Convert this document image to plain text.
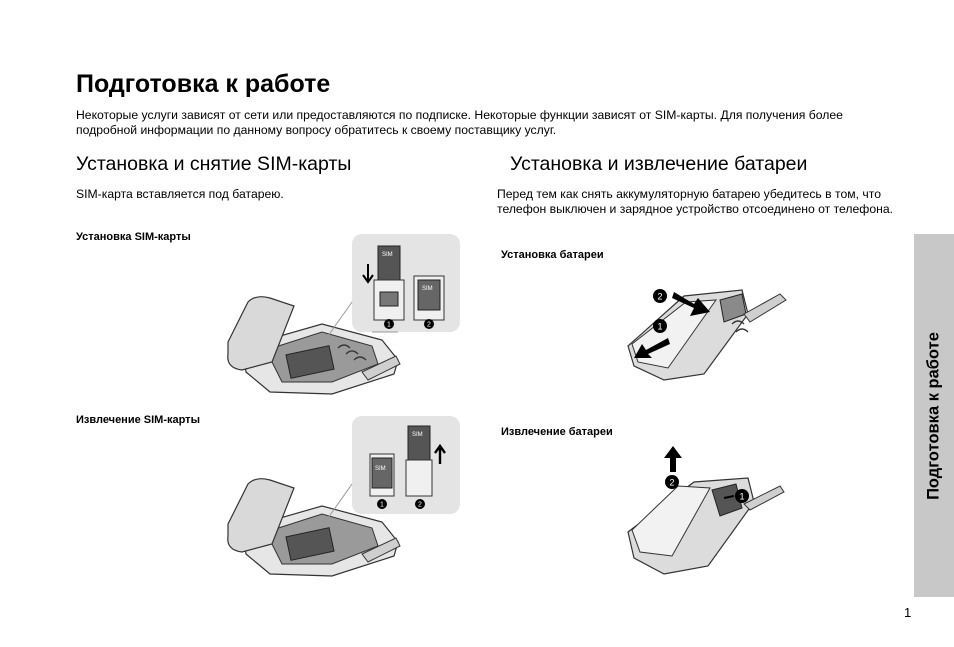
Подготовка к работе

Некоторые услуги зависят от сети или предоставляются по подписке. Некоторые функции зависят от SIM-карты. Для получения более подробной информации по данному вопросу обратитесь к своему поставщику услуг.

Установка и снятие SIM-карты	Установка и извлечение батареи

SIM-карта вставляется под батарею.	Перед тем как снять аккумуляторную батарею убедитесь в том, что телефон выключен и зарядное устройство отсоединено от телефона.

Установка SIM-карты

Извлечение SIM-карты

Установка батареи

Извлечение батареи

SIM
SIM
1	2
SIM
SIM
1	2
2
1
2
1	Подготовка к работе
1
